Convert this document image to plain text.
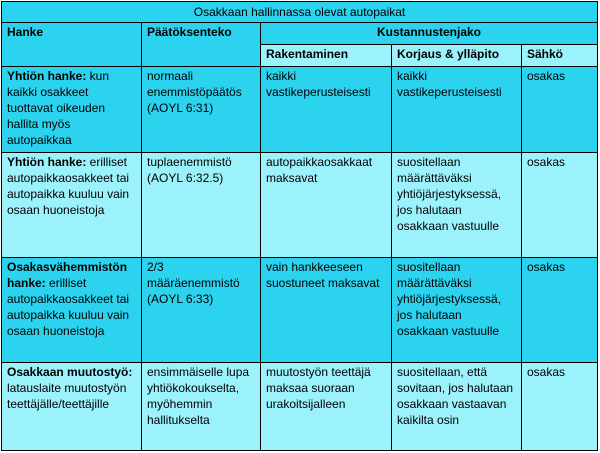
Osakkaan hallinnassa olevat autopaikat				
Hanke	Päätöksenteko	Kustannustenjako		
		Rakentaminen	Korjaus & ylläpito	Sähkö
Yhtiön hanke: kun kaikki osakkeet tuottavat oikeuden hallita myös autopaikkaa	normaali enemmistöpäätös (AOYL 6:31)	kaikki vastikeperusteisesti	kaikki vastikeperusteisesti	osakas
Yhtiön hanke: erilliset autopaikkaosakkeet tai autopaikka kuuluu vain osaan huoneistoja	tuplaenemmistö (AOYL 6:32.5)	autopaikkaosakkaat maksavat	suositellaan määrättäväksi yhtiöjärjestyksessä, jos halutaan osakkaan vastuulle	osakas
Osakasvähemmistön hanke: erilliset autopaikkaosakkeet tai autopaikka kuuluu vain osaan huoneistoja	2/3 määräenemmistö (AOYL 6:33)	vain hankkeeseen suostuneet maksavat	suositellaan määrättäväksi yhtiöjärjestyksessä, jos halutaan osakkaan vastuulle	osakas
Osakkaan muutostyö: latauslaite muutostyön teettäjälle/teettäjille	ensimmäiselle lupa yhtiökokoukselta, myöhemmin hallitukselta	muutostyön teettäjä maksaa suoraan urakoitsijalleen	suositellaan, että sovitaan, jos halutaan osakkaan vastaavan kaikilta osin	osakas
